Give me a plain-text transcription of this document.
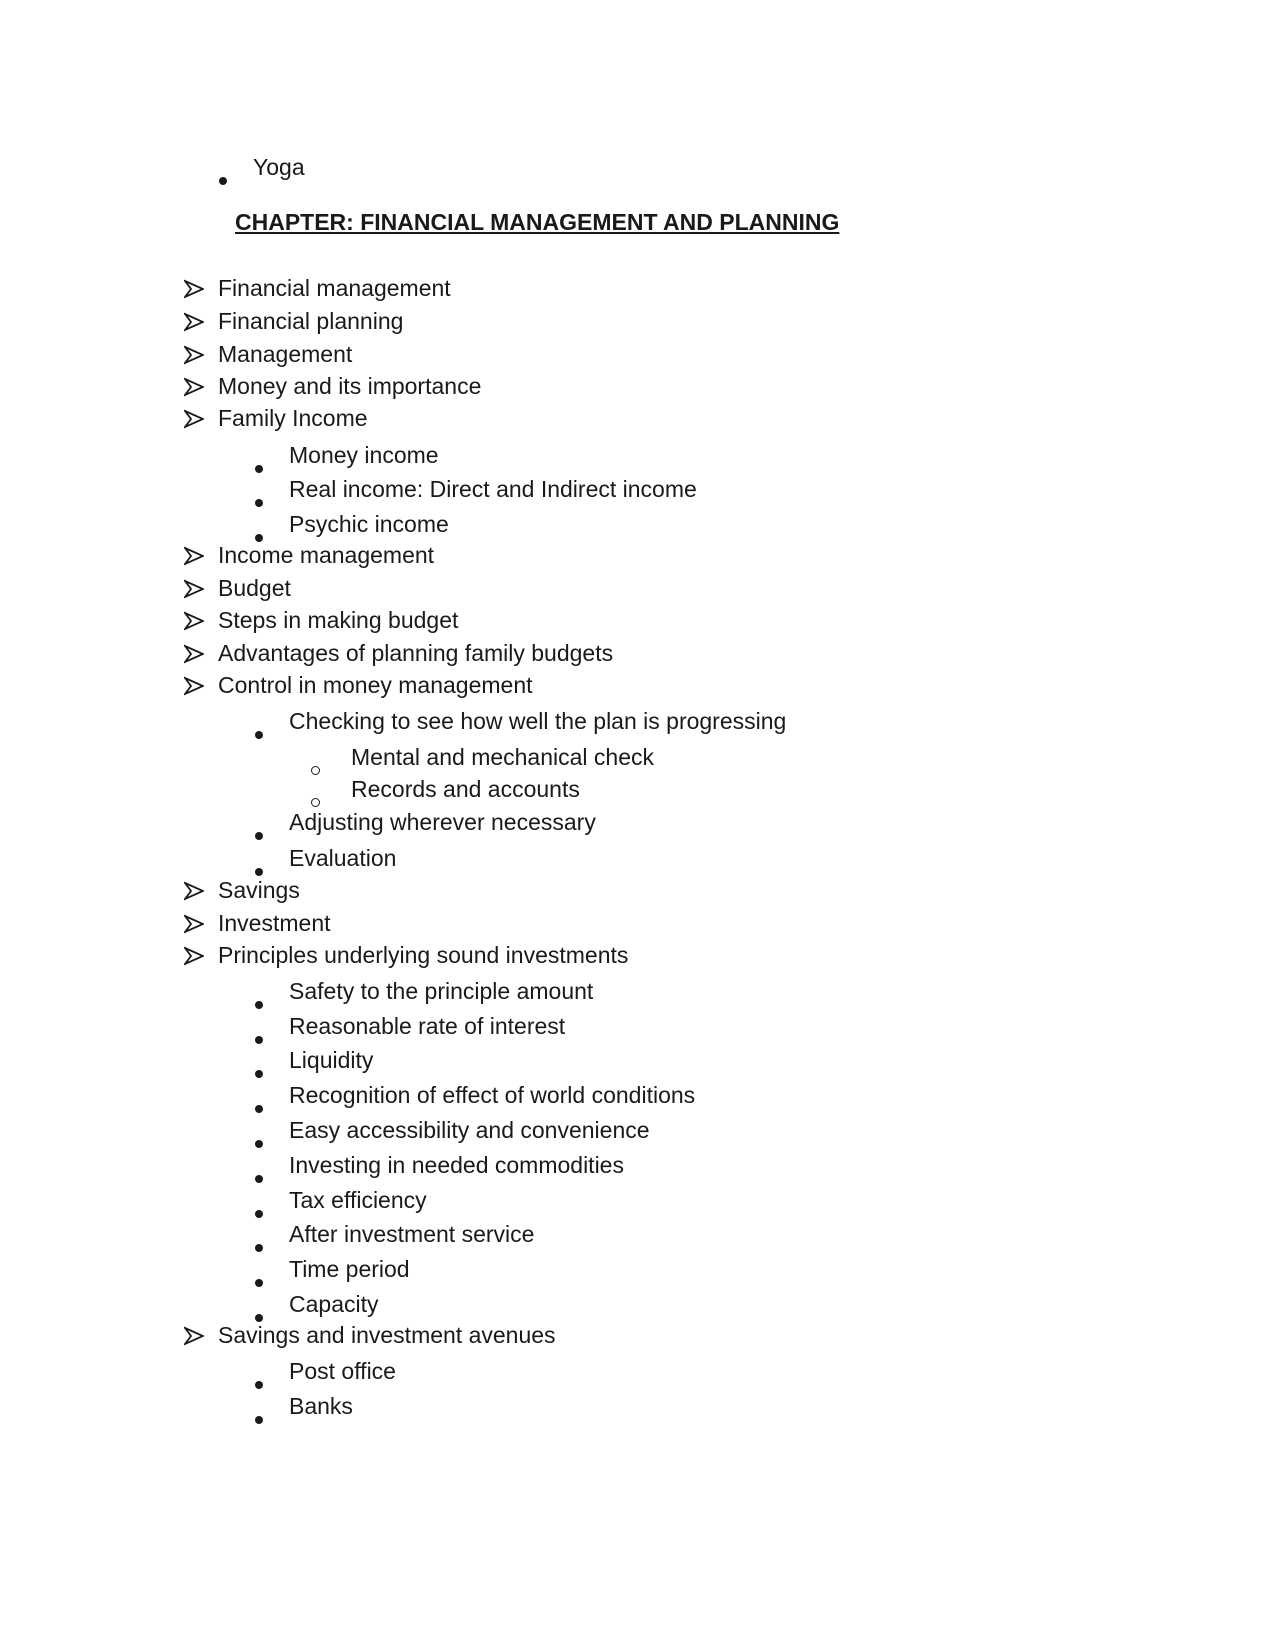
Yoga
CHAPTER: FINANCIAL MANAGEMENT AND PLANNING
Financial management
Financial planning
Management
Money and its importance
Family Income
Money income
Real income: Direct and Indirect income
Psychic income
Income management
Budget
Steps in making budget
Advantages of planning family budgets
Control in money management
Checking to see how well the plan is progressing
Mental and mechanical check
Records and accounts
Adjusting wherever necessary
Evaluation
Savings
Investment
Principles underlying sound investments
Safety to the principle amount
Reasonable rate of interest
Liquidity
Recognition of effect of world conditions
Easy accessibility and convenience
Investing in needed commodities
Tax efficiency
After investment service
Time period
Capacity
Savings and investment avenues
Post office
Banks
